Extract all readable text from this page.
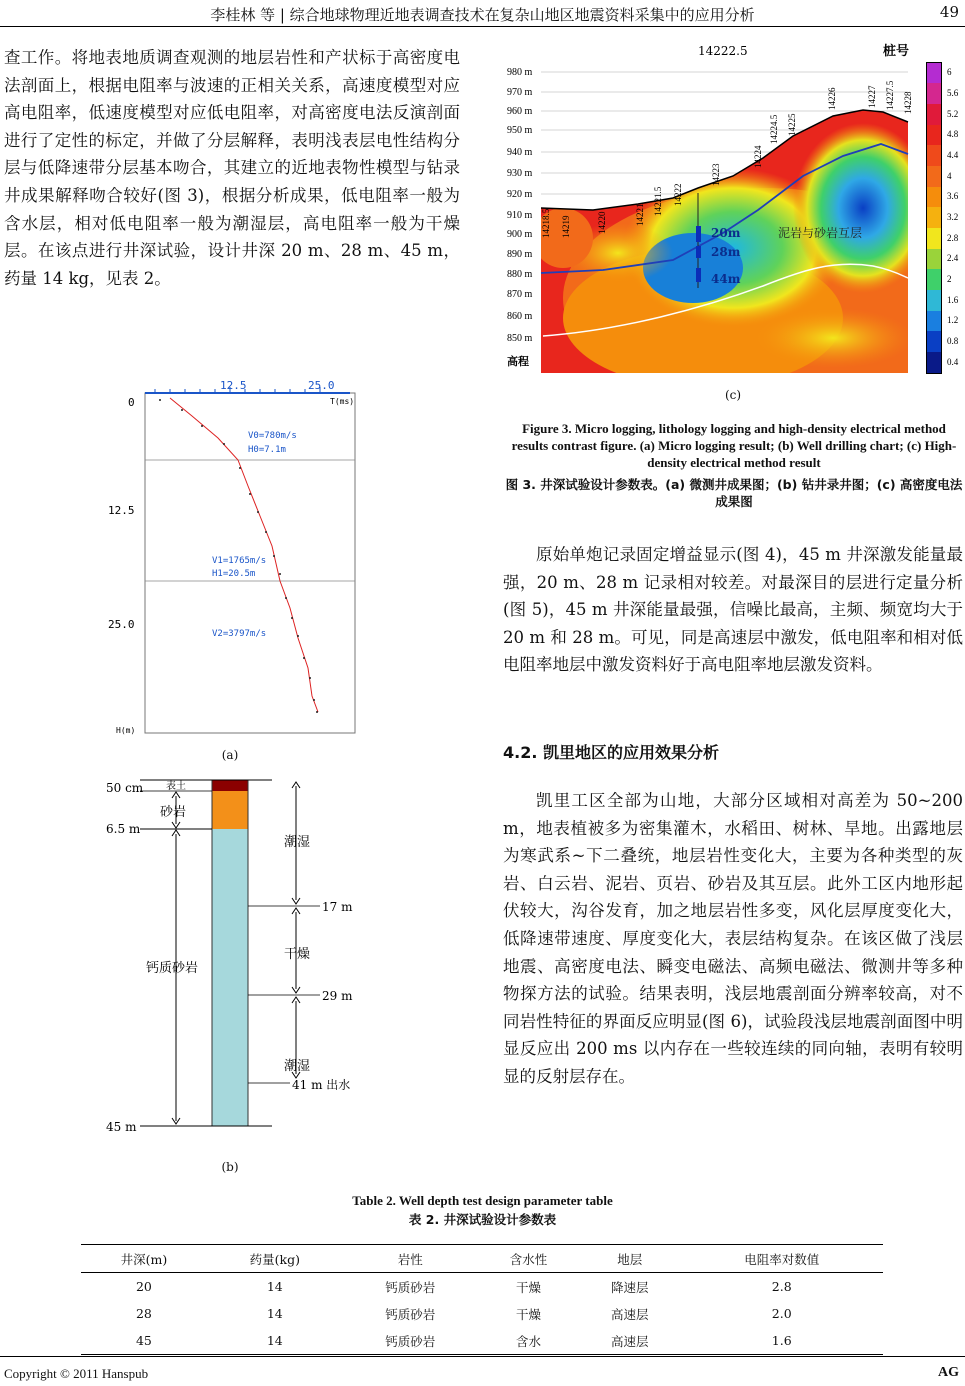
李桂林 等 | 综合地球物理近地表调查技术在复杂山地区地震资料采集中的应用分析	49

查工作。将地表地质调查观测的地层岩性和产状标于高密度电法剖面上，根据电阻率与波速的正相关关系，高速度模型对应高电阻率，低速度模型对应低电阻率，对高密度电法反演剖面进行了定性的标定，并做了分层解释，表明浅表层电性结构分层与低降速带分层基本吻合，其建立的近地表物性模型与钻录井成果解释吻合较好(图 3)，根据分析成果，低电阻率一般为含水层，相对低电阻率一般为潮湿层，高电阻率一般为干燥层。在该点进行井深试验，设计井深 20 m、28 m、45 m，药量 14 kg，见表 2。

12.5	25.0
T(ms)
0
12.5
25.0
H(m)
V0=780m/s
H0=7.1m
V1=1765m/s
H1=20.5m
V2=3797m/s
(a)
50 cm
6.5 m
45 m
表土
砂岩
钙质砂岩
潮湿
干燥
潮湿
17 m
29 m
41 m 出水
(b)
14222.5	桩号
14218.5 14219	14220	14221 14221.5 14222
14223
14224
14224.5 14225
14226	14227 14227.5 14228
980 m
970 m
960 m
950 m
940 m
930 m
920 m
910 m
900 m
890 m
880 m
870 m
860 m
850 m
高程
20m
28m
44m
泥岩与砂岩互层
6
5.6
5.2
4.8
4.4
4
3.6
3.2
2.8
2.4
2
1.6
1.2
0.8
0.4
(c)
Figure 3. Micro logging, lithology logging and high-density electrical method results contrast figure. (a) Micro logging result; (b) Well drilling chart; (c) High-density electrical method result
图 3. 井深试验设计参数表。(a) 微测井成果图；(b) 钻井录井图；(c) 高密度电法成果图

原始单炮记录固定增益显示(图 4)，45 m 井深激发能量最强，20 m、28 m 记录相对较差。对最深目的层进行定量分析(图 5)，45 m 井深能量最强，信噪比最高，主频、频宽均大于 20 m 和 28 m。可见，同是高速层中激发，低电阻率和相对低电阻率地层中激发资料好于高电阻率地层激发资料。

4.2. 凯里地区的应用效果分析

凯里工区全部为山地，大部分区域相对高差为 50~200 m，地表植被多为密集灌木，水稻田、树林、旱地。出露地层为寒武系~下二叠统，地层岩性变化大，主要为各种类型的灰岩、白云岩、泥岩、页岩、砂岩及其互层。此外工区内地形起伏较大，沟谷发育，加之地层岩性多变，风化层厚度变化大，低降速带速度、厚度变化大，表层结构复杂。在该区做了浅层地震、高密度电法、瞬变电磁法、高频电磁法、微测井等多种物探方法的试验。结果表明，浅层地震剖面分辨率较高，对不同岩性特征的界面反应明显(图 6)，试验段浅层地震剖面图中明显反应出 200 ms 以内存在一些较连续的同向轴，表明有较明显的反射层存在。

Table 2. Well depth test design parameter table
表 2. 井深试验设计参数表
井深(m)	药量(kg)	岩性	含水性	地层	电阻率对数值
20	14	钙质砂岩	干燥	降速层	2.8
28	14	钙质砂岩	干燥	高速层	2.0
45	14	钙质砂岩	含水	高速层	1.6
Copyright © 2011 Hanspub	AG
